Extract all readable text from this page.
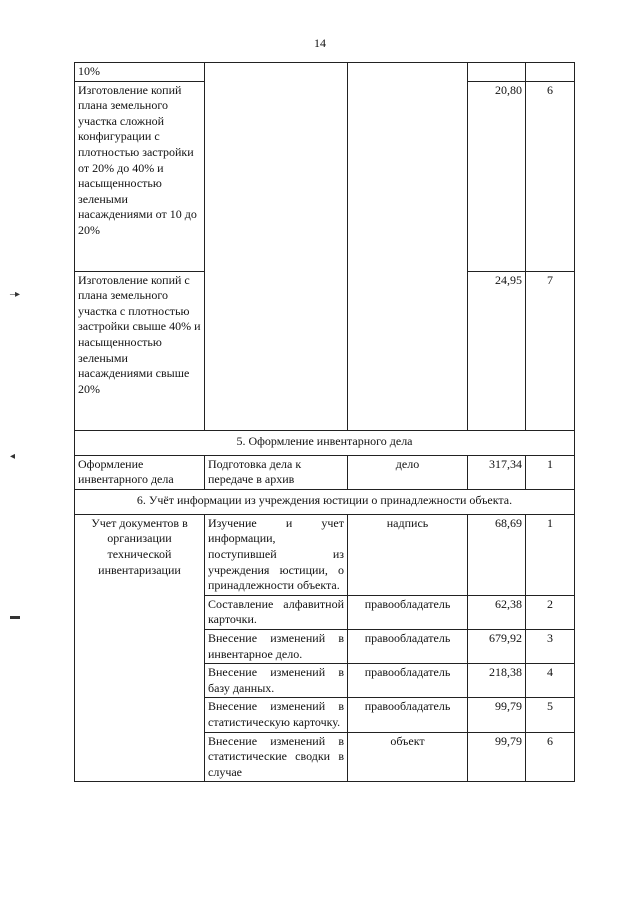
14
–▸
◂
▬
10%				
Изготовление копий плана земельного участка сложной конфигурации с плотностью застройки от 20% до 40% и насыщенностью зелеными насаждениями от 10 до 20%			20,80	6
Изготовление копий с плана земельного участка с плотностью застройки свыше 40% и насыщенностью зелеными насаждениями свыше 20%			24,95	7
5. Оформление инвентарного дела				
Оформление инвентарного дела	Подготовка дела к передаче в архив	дело	317,34	1
6. Учёт информации из учреждения юстиции о принадлежности объекта.				
Учет документов в организации технической инвентаризации	Изучение и учет информации, поступившей из учреждения юстиции, о принадлежности объекта.	надпись	68,69	1
	Составление алфавитной карточки.	правообладатель	62,38	2
	Внесение изменений в инвентарное дело.	правообладатель	679,92	3
	Внесение изменений в базу данных.	правообладатель	218,38	4
	Внесение изменений в статистическую карточку.	правообладатель	99,79	5
	Внесение изменений в статистические сводки в случае	объект	99,79	6
